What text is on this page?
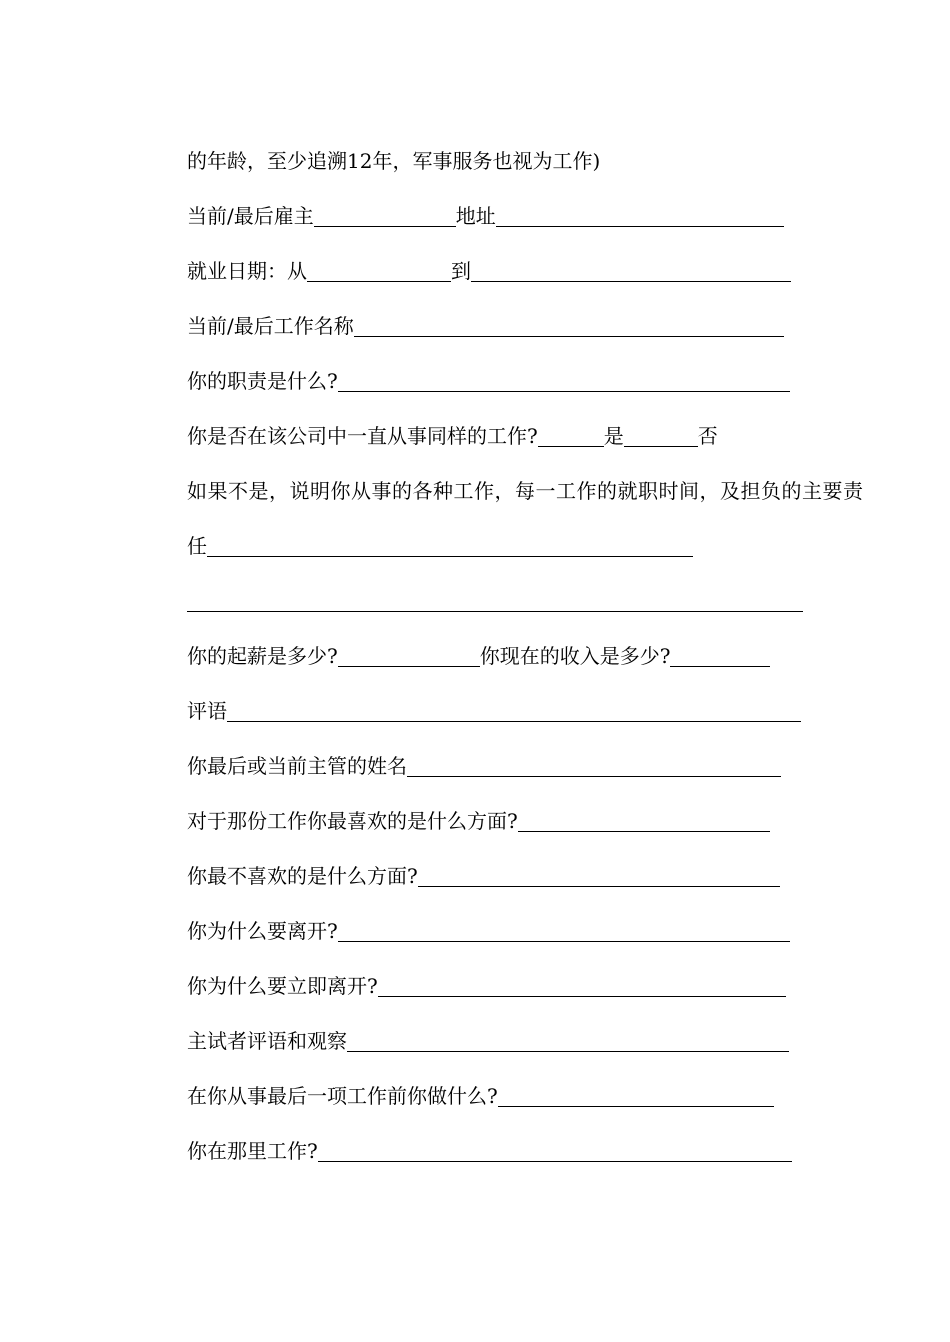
的年龄，至少追溯12年，军事服务也视为工作)
当前/最后雇主	地址
就业日期：从	到
当前/最后工作名称
你的职责是什么?
你是否在该公司中一直从事同样的工作?	是	否
如果不是，说明你从事的各种工作，每一工作的就职时间，及担负的主要责
任
你的起薪是多少?	你现在的收入是多少?
评语
你最后或当前主管的姓名
对于那份工作你最喜欢的是什么方面?
你最不喜欢的是什么方面?
你为什么要离开?
你为什么要立即离开?
主试者评语和观察
在你从事最后一项工作前你做什么?
你在那里工作?
